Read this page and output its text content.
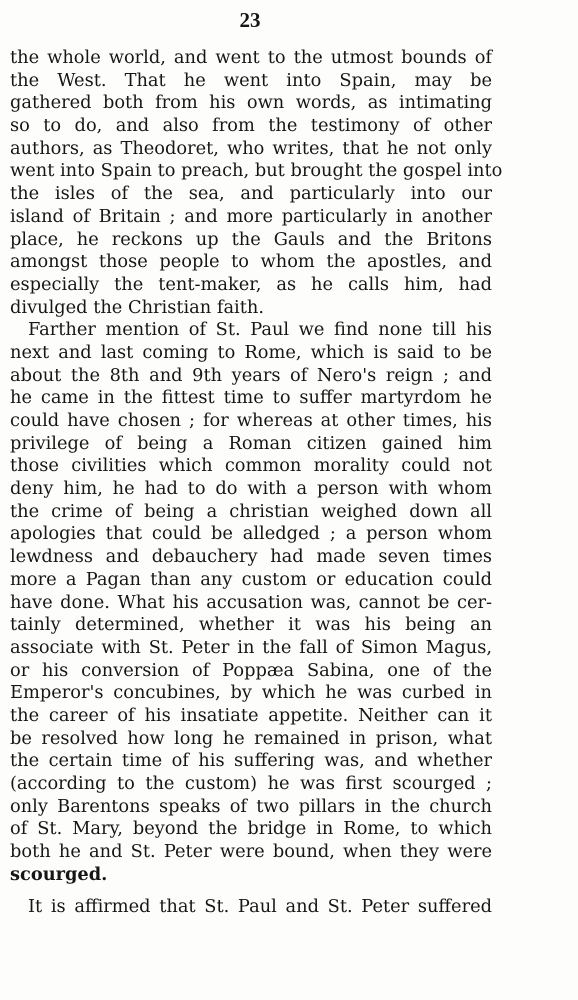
23
the whole world, and went to the utmost bounds of
the West. That he went into Spain, may be
gathered both from his own words, as intimating
so to do, and also from the testimony of other
authors, as Theodoret, who writes, that he not only
went into Spain to preach, but brought the gospel into
the isles of the sea, and particularly into our
island of Britain ; and more particularly in another
place, he reckons up the Gauls and the Britons
amongst those people to whom the apostles, and
especially the tent-maker, as he calls him, had
divulged the Christian faith.
Farther mention of St. Paul we find none till his
next and last coming to Rome, which is said to be
about the 8th and 9th years of Nero's reign ; and
he came in the fittest time to suffer martyrdom he
could have chosen ; for whereas at other times, his
privilege of being a Roman citizen gained him
those civilities which common morality could not
deny him, he had to do with a person with whom
the crime of being a christian weighed down all
apologies that could be alledged ; a person whom
lewdness and debauchery had made seven times
more a Pagan than any custom or education could
have done. What his accusation was, cannot be cer-
tainly determined, whether it was his being an
associate with St. Peter in the fall of Simon Magus,
or his conversion of Poppæa Sabina, one of the
Emperor's concubines, by which he was curbed in
the career of his insatiate appetite. Neither can it
be resolved how long he remained in prison, what
the certain time of his suffering was, and whether
(according to the custom) he was first scourged ;
only Barentons speaks of two pillars in the church
of St. Mary, beyond the bridge in Rome, to which
both he and St. Peter were bound, when they were
scourged.
It is affirmed that St. Paul and St. Peter suffered
